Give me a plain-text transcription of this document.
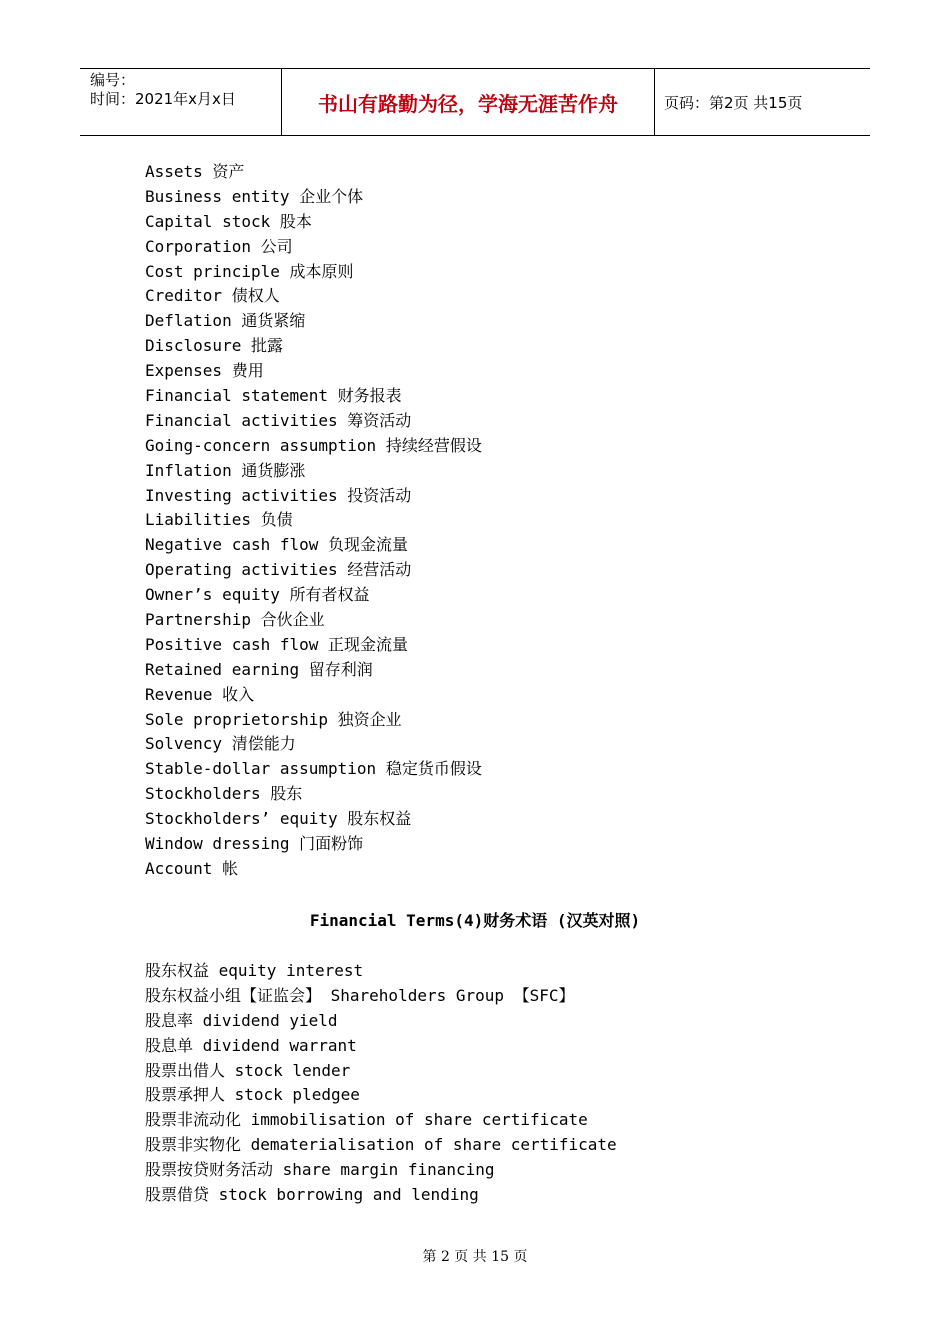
编号：
时间：2021年x月x日	书山有路勤为径，学海无涯苦作舟	页码：第2页 共15页
Assets 资产
Business entity 企业个体
Capital stock 股本
Corporation 公司
Cost principle 成本原则
Creditor 债权人
Deflation 通货紧缩
Disclosure 批露
Expenses 费用
Financial statement 财务报表
Financial activities 筹资活动
Going-concern assumption 持续经营假设
Inflation 通货膨涨
Investing activities 投资活动
Liabilities 负债
Negative cash flow 负现金流量
Operating activities 经营活动
Owner’s equity 所有者权益
Partnership 合伙企业
Positive cash flow 正现金流量
Retained earning 留存利润
Revenue 收入
Sole proprietorship 独资企业
Solvency 清偿能力
Stable-dollar assumption 稳定货币假设
Stockholders 股东
Stockholders’ equity 股东权益
Window dressing 门面粉饰
Account 帐
Financial Terms(4)财务术语 (汉英对照)
股东权益 equity interest
股东权益小组【证监会】 Shareholders Group 【SFC】
股息率 dividend yield
股息单 dividend warrant
股票出借人 stock lender
股票承押人 stock pledgee
股票非流动化 immobilisation of share certificate
股票非实物化 dematerialisation of share certificate
股票按贷财务活动 share margin financing
股票借贷 stock borrowing and lending
第 2 页 共 15 页
